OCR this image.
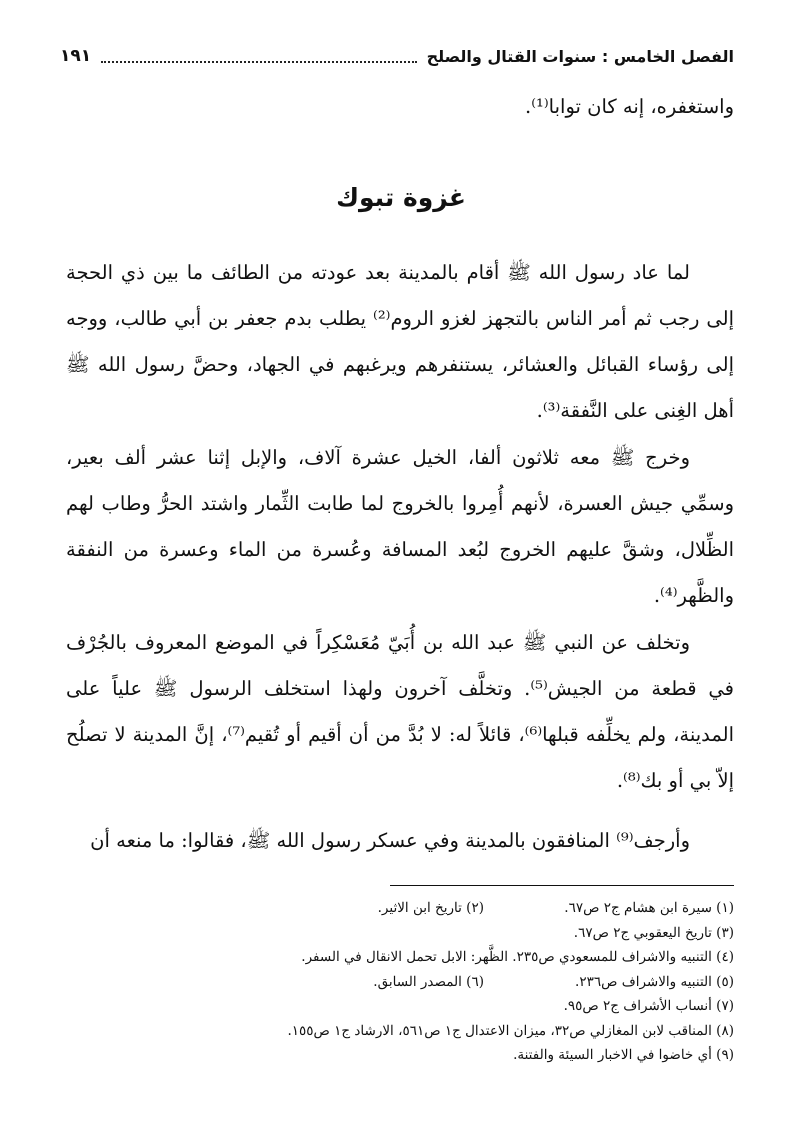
الفصل الخامس : سنوات القتال والصلح
١٩١

واستغفره، إنه كان توابا⁽¹⁾.

غزوة تبوك

لما عاد رسول الله ﷺ أقام بالمدينة بعد عودته من الطائف ما بين ذي الحجة إلى رجب ثم أمر الناس بالتجهز لغزو الروم⁽²⁾ يطلب بدم جعفر بن أبي طالب، ووجه إلى رؤساء القبائل والعشائر، يستنفرهم ويرغبهم في الجهاد، وحضَّ رسول الله ﷺ أهل الغِنى على النَّفقة⁽³⁾.

وخرج ﷺ معه ثلاثون ألفا، الخيل عشرة آلاف، والإبل إثنا عشر ألف بعير، وسمِّي جيش العسرة، لأنهم أُمِروا بالخروج لما طابت الثِّمار واشتد الحرُّ وطاب لهم الظِّلال، وشقَّ عليهم الخروج لبُعد المسافة وعُسرة من الماء وعسرة من النفقة والظَّهر⁽⁴⁾.

وتخلف عن النبي ﷺ عبد الله بن أُبَيّ مُعَسْكِراً في الموضع المعروف بالجُرْف في قطعة من الجيش⁽⁵⁾. وتخلَّف آخرون ولهذا استخلف الرسول ﷺ علياً على المدينة، ولم يخلِّفه قبلها⁽⁶⁾، قائلاً له: لا بُدَّ من أن أقيم أو تُقيم⁽⁷⁾، إنَّ المدينة لا تصلُح إلاّ بي أو بك⁽⁸⁾.

وأرجف⁽⁹⁾ المنافقون بالمدينة وفي عسكر رسول الله ﷺ، فقالوا: ما منعه أن

(١) سيرة ابن هشام ج٢ ص٦٧.
(٢) تاريخ ابن الاثير.
(٣) تاريخ اليعقوبي ج٢ ص٦٧.
(٤) التنبيه والاشراف للمسعودي ص٢٣٥. الظَّهر: الابل تحمل الانقال في السفر.
(٥) التنبيه والاشراف ص٢٣٦.
(٦) المصدر السابق.
(٧) أنساب الأشراف ج٢ ص٩٥.
(٨) المناقب لابن المغازلي ص٣٢، ميزان الاعتدال ج١ ص٥٦١، الارشاد ج١ ص١٥٥.
(٩) أي خاضوا في الاخبار السيئة والفتنة.
